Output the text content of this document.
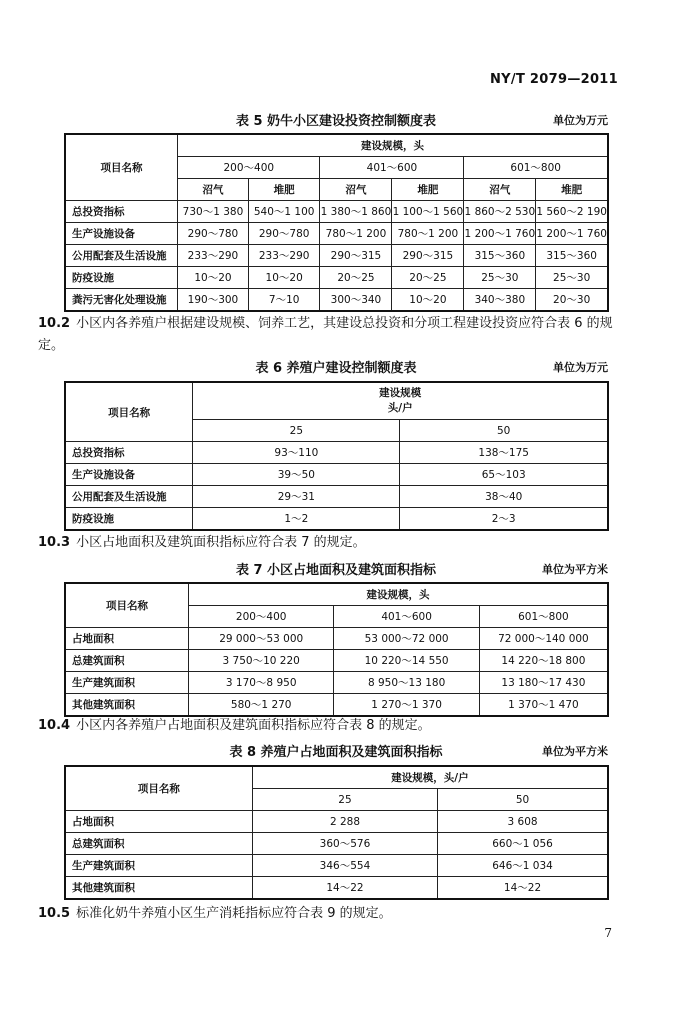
NY/T 2079—2011
表 5 奶牛小区建设投资控制额度表	单位为万元
项目名称	建设规模，头					
	200～400		401～600		601～800	
	沼气	堆肥	沼气	堆肥	沼气	堆肥
总投资指标	730～1 380	540～1 100	1 380～1 860	1 100～1 560	1 860～2 530	1 560～2 190
生产设施设备	290～780	290～780	780～1 200	780～1 200	1 200～1 760	1 200～1 760
公用配套及生活设施	233～290	233～290	290～315	290～315	315～360	315～360
防疫设施	10～20	10～20	20～25	20～25	25～30	25～30
粪污无害化处理设施	190～300	7～10	300～340	10～20	340～380	20～30
10.2 小区内各养殖户根据建设规模、饲养工艺，其建设总投资和分项工程建设投资应符合表 6 的规定。
表 6 养殖户建设控制额度表	单位为万元
项目名称	建设规模
头/户	

	25	50
总投资指标	93～110	138～175
生产设施设备	39～50	65～103
公用配套及生活设施	29～31	38～40
防疫设施	1～2	2～3
10.3 小区占地面积及建筑面积指标应符合表 7 的规定。
表 7 小区占地面积及建筑面积指标	单位为平方米
项目名称	建设规模，头		
	200～400	401～600	601～800
占地面积	29 000～53 000	53 000～72 000	72 000～140 000
总建筑面积	3 750～10 220	10 220～14 550	14 220～18 800
生产建筑面积	3 170～8 950	8 950～13 180	13 180～17 430
其他建筑面积	580～1 270	1 270～1 370	1 370～1 470
10.4 小区内各养殖户占地面积及建筑面积指标应符合表 8 的规定。
表 8 养殖户占地面积及建筑面积指标	单位为平方米
项目名称	建设规模，头/户	
	25	50
占地面积	2 288	3 608
总建筑面积	360～576	660～1 056
生产建筑面积	346～554	646～1 034
其他建筑面积	14～22	14～22
10.5 标准化奶牛养殖小区生产消耗指标应符合表 9 的规定。
7
